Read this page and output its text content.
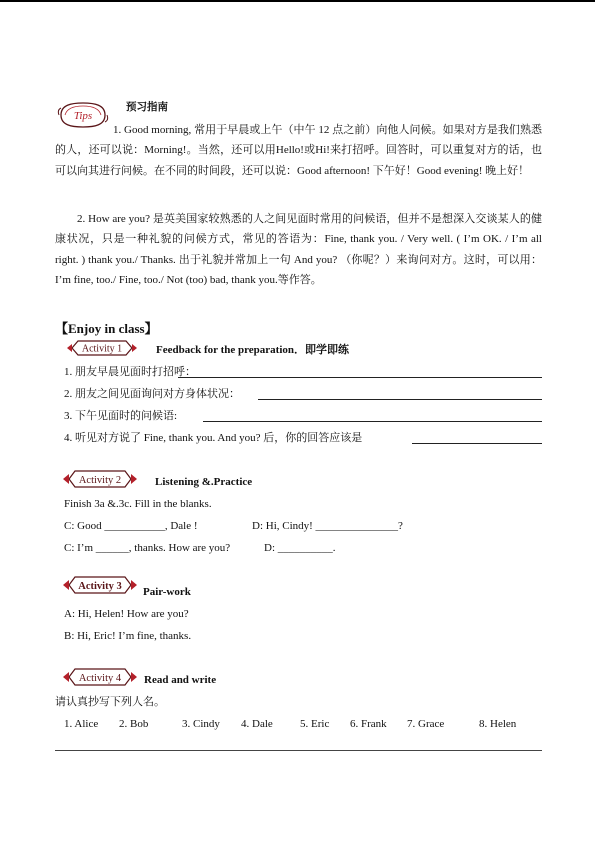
Tips
预习指南
1. Good morning, 常用于早晨或上午（中午 12 点之前）向他人问候。如果对方是我们熟悉的人，还可以说：Morning!。当然，还可以用Hello!或Hi!来打招呼。回答时，可以重复对方的话，也可以向其进行问候。在不同的时间段，还可以说：Good afternoon! 下午好！Good evening! 晚上好！
2. How are you? 是英美国家较熟悉的人之间见面时常用的问候语，但并不是想深入交谈某人的健康状况，只是一种礼貌的问候方式，常见的答语为：Fine, thank you. / Very well. ( I’m OK. / I’m all right. ) thank you./ Thanks. 出于礼貌并常加上一句 And you? （你呢？）来询问对方。这时，可以用：I’m fine, too./ Fine, too./ Not (too) bad, thank you.等作答。
【Enjoy in class】
Activity 1	Feedback for the preparation．即学即练
1. 朋友早晨见面时打招呼：
2. 朋友之间见面询问对方身体状况：
3. 下午见面时的问候语:
4. 听见对方说了 Fine, thank you. And you? 后，你的回答应该是
Activity 2	Listening &.Practice
Finish 3a &.3c. Fill in the blanks.
C: Good ___________, Dale !	D: Hi, Cindy! _______________?
C: I’m ______, thanks. How are you?	D: __________.
Activity 3 Pair-work
A: Hi, Helen! How are you?
B: Hi, Eric! I’m fine, thanks.
Activity 4 Read and write
请认真抄写下列人名。
1. Alice 2. Bob	3. Cindy 4. Dale 5. Eric 6. Frank 7. Grace	8. Helen
